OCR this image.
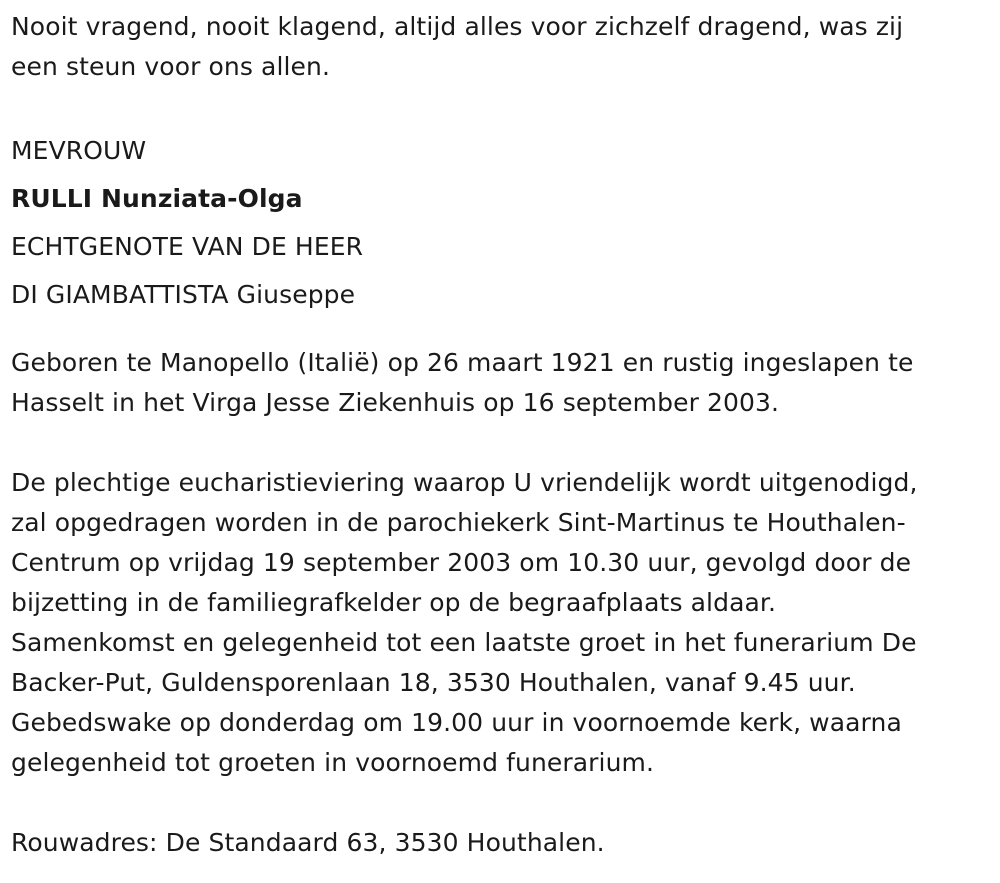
Nooit vragend, nooit klagend, altijd alles voor zichzelf dragend, was zij
een steun voor ons allen.
MEVROUW
RULLI Nunziata-Olga
ECHTGENOTE VAN DE HEER
DI GIAMBATTISTA Giuseppe
Geboren te Manopello (Italië) op 26 maart 1921 en rustig ingeslapen te
Hasselt in het Virga Jesse Ziekenhuis op 16 september 2003.
De plechtige eucharistieviering waarop U vriendelijk wordt uitgenodigd,
zal opgedragen worden in de parochiekerk Sint-Martinus te Houthalen-
Centrum op vrijdag 19 september 2003 om 10.30 uur, gevolgd door de
bijzetting in de familiegrafkelder op de begraafplaats aldaar.
Samenkomst en gelegenheid tot een laatste groet in het funerarium De
Backer-Put, Guldensporenlaan 18, 3530 Houthalen, vanaf 9.45 uur.
Gebedswake op donderdag om 19.00 uur in voornoemde kerk, waarna
gelegenheid tot groeten in voornoemd funerarium.
Rouwadres: De Standaard 63, 3530 Houthalen.
